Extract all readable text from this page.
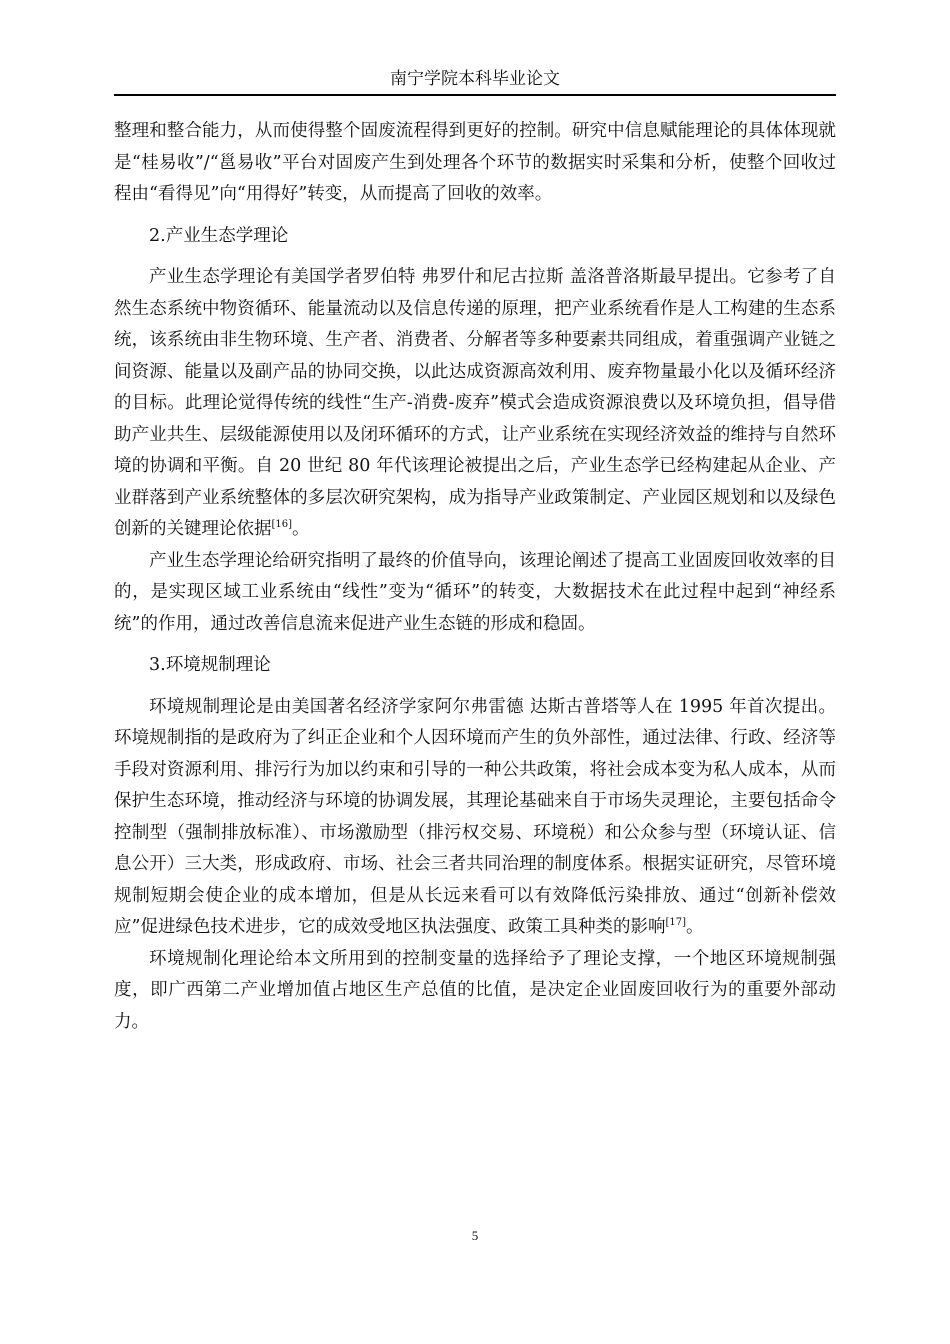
南宁学院本科毕业论文

整理和整合能力，从而使得整个固废流程得到更好的控制。研究中信息赋能理论的具体体现就是“桂易收”/“邕易收”平台对固废产生到处理各个环节的数据实时采集和分析，使整个回收过程由“看得见”向“用得好”转变，从而提高了回收的效率。

2.产业生态学理论

产业生态学理论有美国学者罗伯特 弗罗什和尼古拉斯 盖洛普洛斯最早提出。它参考了自然生态系统中物资循环、能量流动以及信息传递的原理，把产业系统看作是人工构建的生态系统，该系统由非生物环境、生产者、消费者、分解者等多种要素共同组成，着重强调产业链之间资源、能量以及副产品的协同交换，以此达成资源高效利用、废弃物量最小化以及循环经济的目标。此理论觉得传统的线性“生产-消费-废弃”模式会造成资源浪费以及环境负担，倡导借助产业共生、层级能源使用以及闭环循环的方式，让产业系统在实现经济效益的维持与自然环境的协调和平衡。自 20 世纪 80 年代该理论被提出之后，产业生态学已经构建起从企业、产业群落到产业系统整体的多层次研究架构，成为指导产业政策制定、产业园区规划和以及绿色创新的关键理论依据[16]。

产业生态学理论给研究指明了最终的价值导向，该理论阐述了提高工业固废回收效率的目的，是实现区域工业系统由“线性”变为“循环”的转变，大数据技术在此过程中起到“神经系统”的作用，通过改善信息流来促进产业生态链的形成和稳固。

3.环境规制理论

环境规制理论是由美国著名经济学家阿尔弗雷德 达斯古普塔等人在 1995 年首次提出。环境规制指的是政府为了纠正企业和个人因环境而产生的负外部性，通过法律、行政、经济等手段对资源利用、排污行为加以约束和引导的一种公共政策，将社会成本变为私人成本，从而保护生态环境，推动经济与环境的协调发展，其理论基础来自于市场失灵理论，主要包括命令控制型（强制排放标准）、市场激励型（排污权交易、环境税）和公众参与型（环境认证、信息公开）三大类，形成政府、市场、社会三者共同治理的制度体系。根据实证研究，尽管环境规制短期会使企业的成本增加，但是从长远来看可以有效降低污染排放、通过“创新补偿效应”促进绿色技术进步，它的成效受地区执法强度、政策工具种类的影响[17]。

环境规制化理论给本文所用到的控制变量的选择给予了理论支撑，一个地区环境规制强度，即广西第二产业增加值占地区生产总值的比值，是决定企业固废回收行为的重要外部动力。

5
